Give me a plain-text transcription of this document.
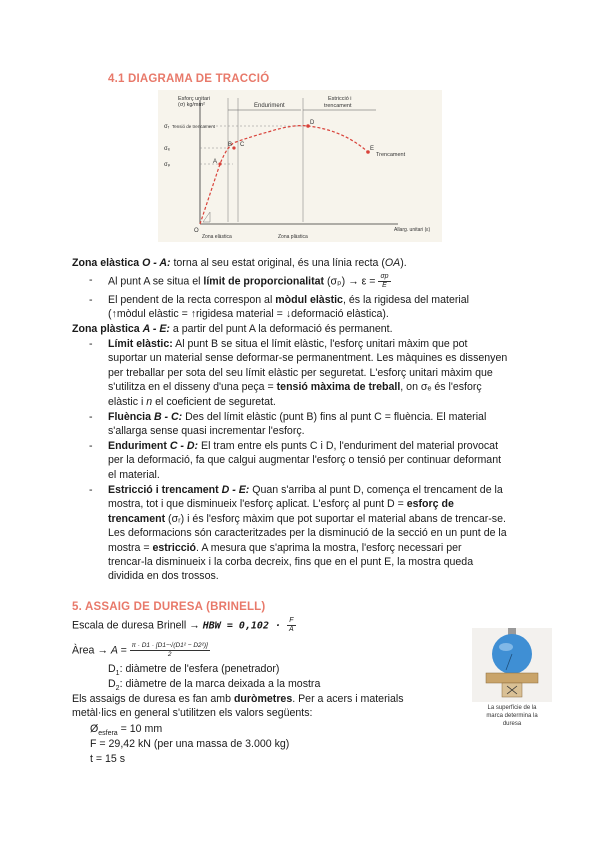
4.1 DIAGRAMA DE TRACCIÓ
Esforç unitari
(σ) kg/mm²	Enduriment
Estricció i
trencament
σᵣ Tensió de trencament
σₑ
σₚ
Trencament
O
A
B C
D
E
Allarg. unitari (ε)
Zona elàstica	Zona plàstica
Zona elàstica O - A: torna al seu estat original, és una línia recta (OA).
- Al punt A se situa el límit de proporcionalitat $(\sigma_p) \to \varepsilon = \frac{\sigma p}{E}$
- El pendent de la recta correspon al mòdul elàstic, és la rigidesa del material
(↑mòdul elàstic = ↑rigidesa material = ↓deformació elàstica).
Zona plàstica A - E: a partir del punt A la deformació és permanent.
- Límit elàstic: Al punt B se situa el límit elàstic, l'esforç unitari màxim que pot
suportar un material sense deformar-se permanentment. Les màquines es dissenyen
per treballar per sota del seu límit elàstic per seguretat. L'esforç unitari màxim que
s'utilitza en el disseny d'una peça = tensió màxima de treball, on σₑ és l'esforç
elàstic i n el coeficient de seguretat.
- Fluència B - C: Des del límit elàstic (punt B) fins al punt C = fluència. El material
s'allarga sense quasi incrementar l'esforç.
- Enduriment C - D: El tram entre els punts C i D, l'enduriment del material provocat
per la deformació, fa que calgui augmentar l'esforç o tensió per continuar deformant
el material.
- Estricció i trencament D - E: Quan s'arriba al punt D, comença el trencament de la
mostra, tot i que disminueix l'esforç aplicat. L'esforç al punt D = esforç de
trencament (σᵣ) i és l'esforç màxim que pot suportar el material abans de trencar-se.
Les deformacions són caracteritzades per la disminució de la secció en un punt de la
mostra = estricció. A mesura que s'aprima la mostra, l'esforç necessari per
trencar-la disminueix i la corba decreix, fins que en el punt E, la mostra queda
dividida en dos trossos.
5. ASSAIG DE DURESA (BRINELL)
Escala de duresa Brinell → HBW = $0,102 \cdot \frac{F}{A}$
Àrea → $A = \frac{\text{π · D1 · [D1−√(D1² − D2²)]}}{2}$
$D_1$: diàmetre de l'esfera (penetrador)
$D_2$: diàmetre de la marca deixada a la mostra
Els assaigs de duresa es fan amb duròmetres. Per a acers i materials
metàl·lics en general s'utilitzen els valors següents:
$Ø_{esfera} = 10$ mm
F = 29,42 kN (per una massa de 3.000 kg)
t = 15 s
La superfície de la
marca determina la
duresa
